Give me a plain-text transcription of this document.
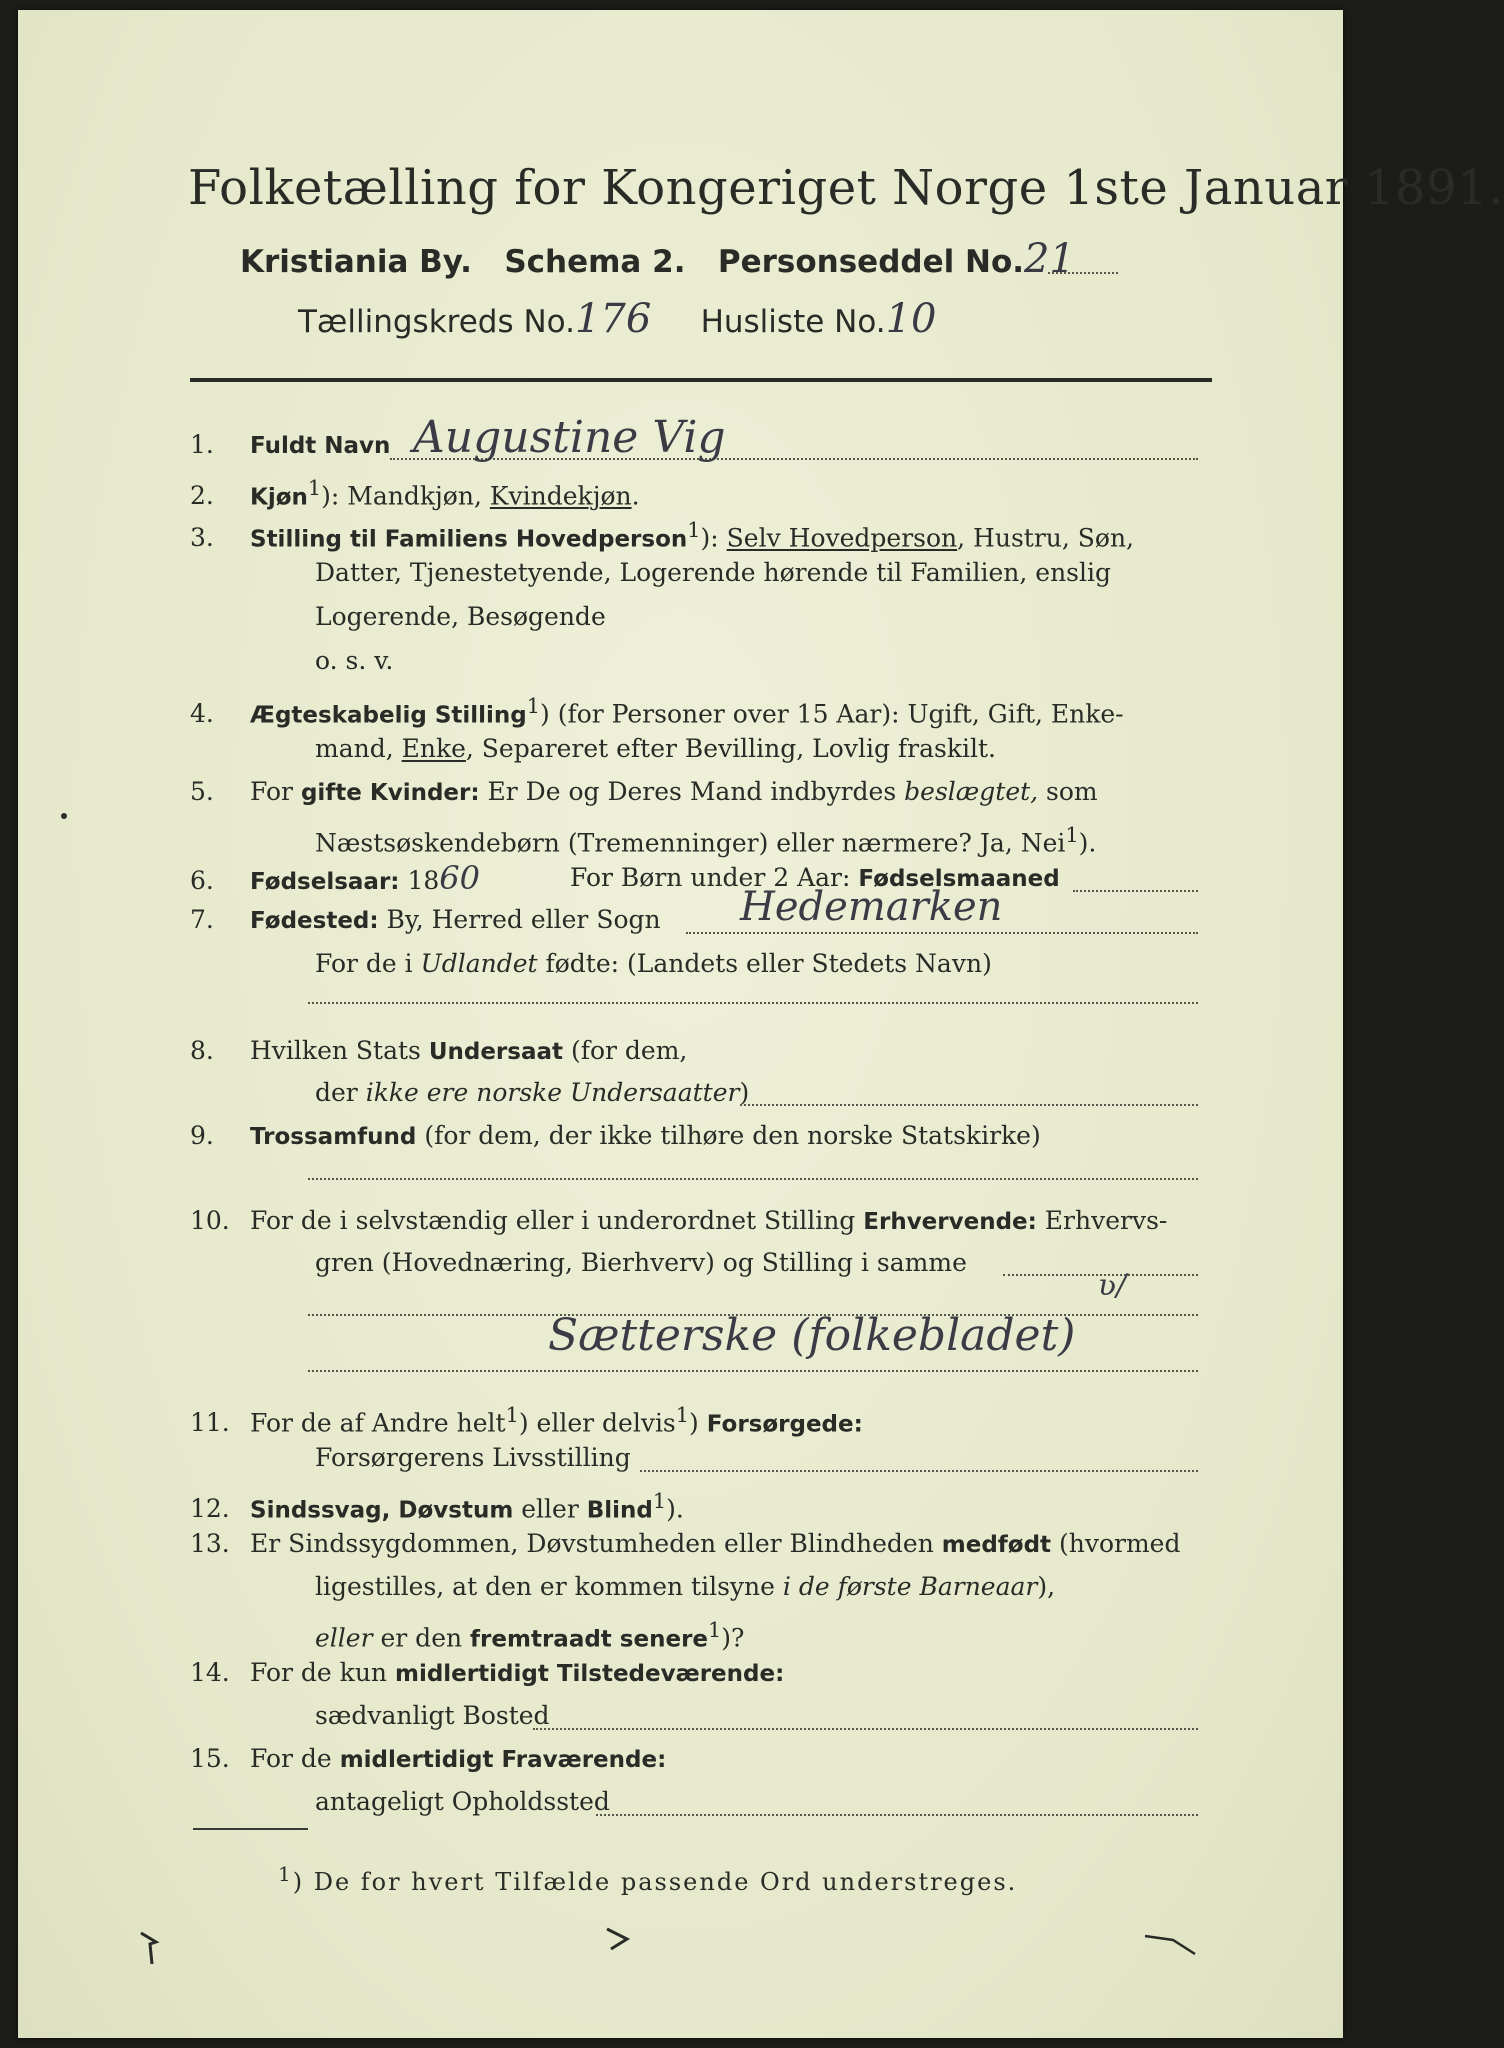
Folketælling for Kongeriget Norge 1ste Januar 1891.
Kristiania By. Schema 2. Personseddel No.21
Tællingskreds No.176 Husliste No.10
1. Fuldt Navn Augustine Vig
2. Kjøn$^1$): Mandkjøn, Kvindekjøn.
3. Stilling til Familiens Hovedperson$^1$): Selv Hovedperson, Hustru, Søn,
Datter, Tjenestetyende, Logerende hørende til Familien, enslig
Logerende, Besøgende
o. s. v.
4. Ægteskabelig Stilling$^1$) (for Personer over 15 Aar): Ugift, Gift, Enke-
mand, Enke, Separeret efter Bevilling, Lovlig fraskilt.
5. For gifte Kvinder: Er De og Deres Mand indbyrdes beslægtet, som
Næstsøskendebørn (Tremenninger) eller nærmere? Ja, Nei$^1$).
6. Fødselsaar: 1860	For Børn under 2 Aar: Fødselsmaaned
7. Fødested: By, Herred eller Sogn Hedemarken
For de i Udlandet fødte: (Landets eller Stedets Navn)
8. Hvilken Stats Undersaat (for dem,
der ikke ere norske Undersaatter)
9. Trossamfund (for dem, der ikke tilhøre den norske Statskirke)
10. For de i selvstændig eller i underordnet Stilling Erhvervende: Erhvervs-
gren (Hovednæring, Bierhverv) og Stilling i samme
ʋ/
Sætterske (folkebladet)
11. For de af Andre helt$^1$) eller delvis$^1$) Forsørgede:
Forsørgerens Livsstilling
12. Sindssvag, Døvstum eller Blind$^1$).
13. Er Sindssygdommen, Døvstumheden eller Blindheden medfødt (hvormed
ligestilles, at den er kommen tilsyne i de første Barneaar),
eller er den fremtraadt senere$^1$)?
14. For de kun midlertidigt Tilstedeværende:
sædvanligt Bosted
15. For de midlertidigt Fraværende:
antageligt Opholdssted
$^1$) De for hvert Tilfælde passende Ord understreges.
